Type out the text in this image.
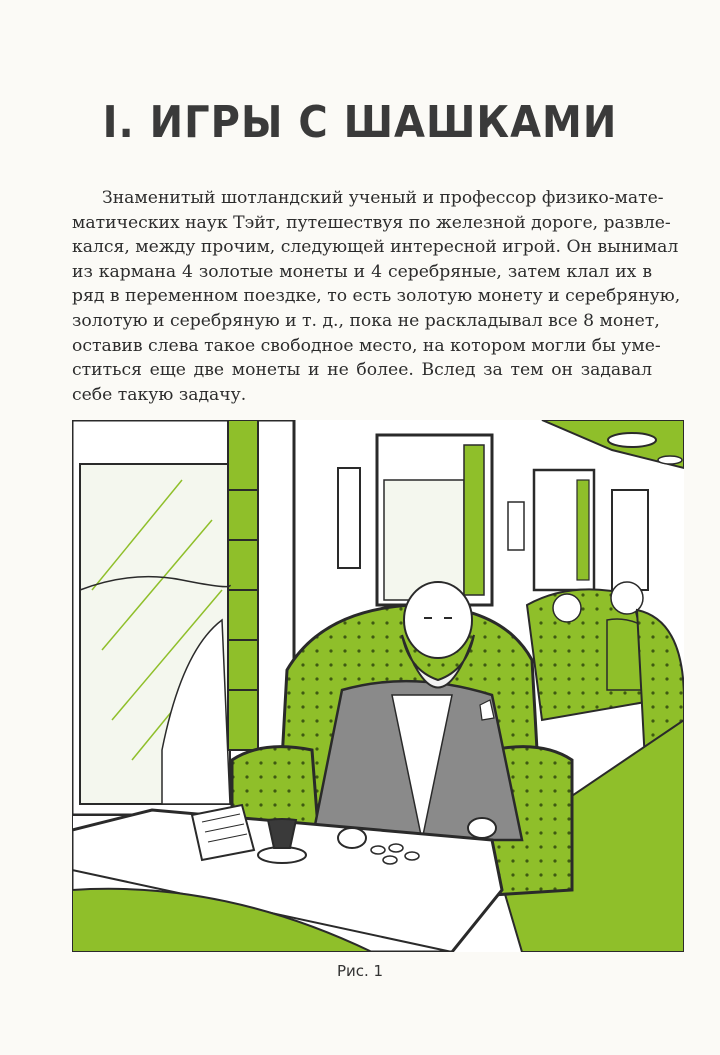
I. ИГРЫ С ШАШКАМИ
Знаменитый шотландский ученый и профессор физико-мате-
матических наук Тэйт, путешествуя по железной дороге, развле-
кался, между прочим, следующей интересной игрой. Он вынимал
из кармана 4 золотые монеты и 4 серебряные, затем клал их в
ряд в переменном поездке, то есть золотую монету и серебряную,
золотую и серебряную и т. д., пока не раскладывал все 8 монет,
оставив слева такое свободное место, на котором могли бы уме-
ститься еще две монеты и не более. Вслед за тем он задавал
себе такую задачу.
Рис. 1
